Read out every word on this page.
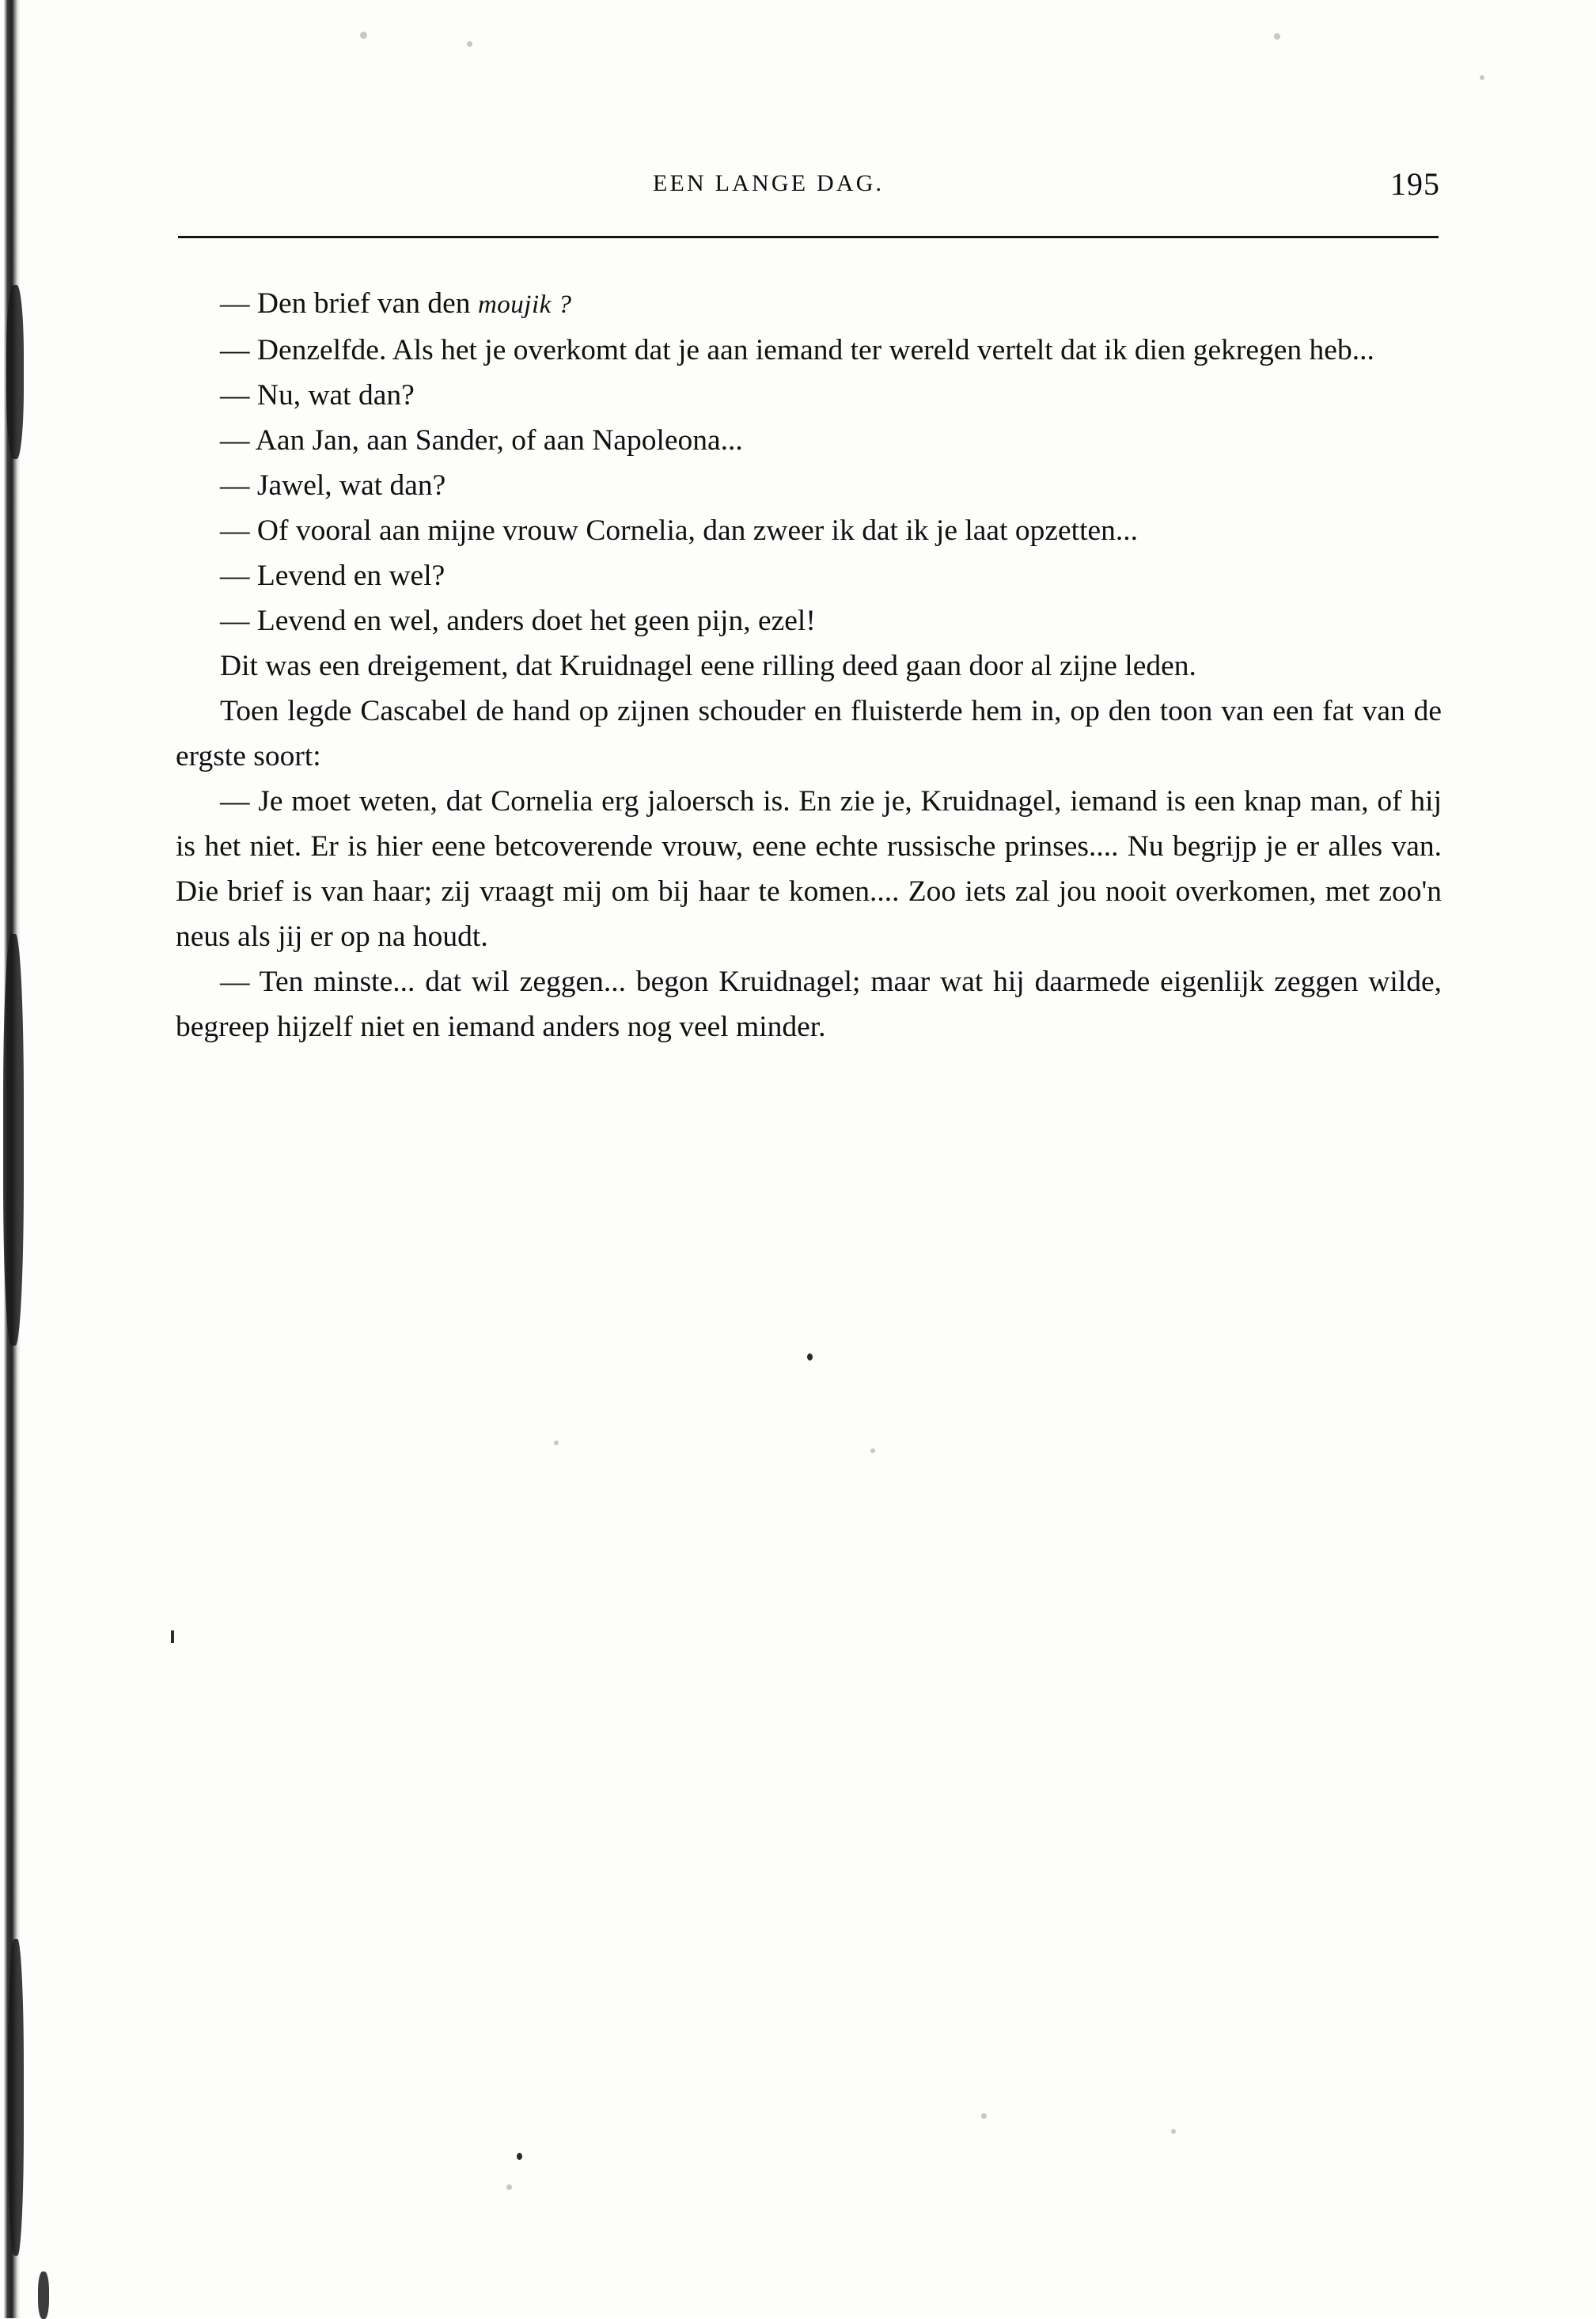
EEN LANGE DAG.	195

— Den brief van den moujik ?

— Denzelfde. Als het je overkomt dat je aan iemand ter wereld vertelt dat ik dien gekregen heb...

— Nu, wat dan?

— Aan Jan, aan Sander, of aan Napoleona...

— Jawel, wat dan?

— Of vooral aan mijne vrouw Cornelia, dan zweer ik dat ik je laat opzetten...

— Levend en wel?

— Levend en wel, anders doet het geen pijn, ezel!

Dit was een dreigement, dat Kruidnagel eene rilling deed gaan door al zijne leden.

Toen legde Cascabel de hand op zijnen schouder en fluisterde hem in, op den toon van een fat van de ergste soort:

— Je moet weten, dat Cornelia erg jaloersch is. En zie je, Kruidnagel, iemand is een knap man, of hij is het niet. Er is hier eene betcoverende vrouw, eene echte russische prinses.... Nu begrijp je er alles van. Die brief is van haar; zij vraagt mij om bij haar te komen.... Zoo iets zal jou nooit overkomen, met zoo'n neus als jij er op na houdt.

— Ten minste... dat wil zeggen... begon Kruidnagel; maar wat hij daarmede eigenlijk zeggen wilde, begreep hijzelf niet en iemand anders nog veel minder.
